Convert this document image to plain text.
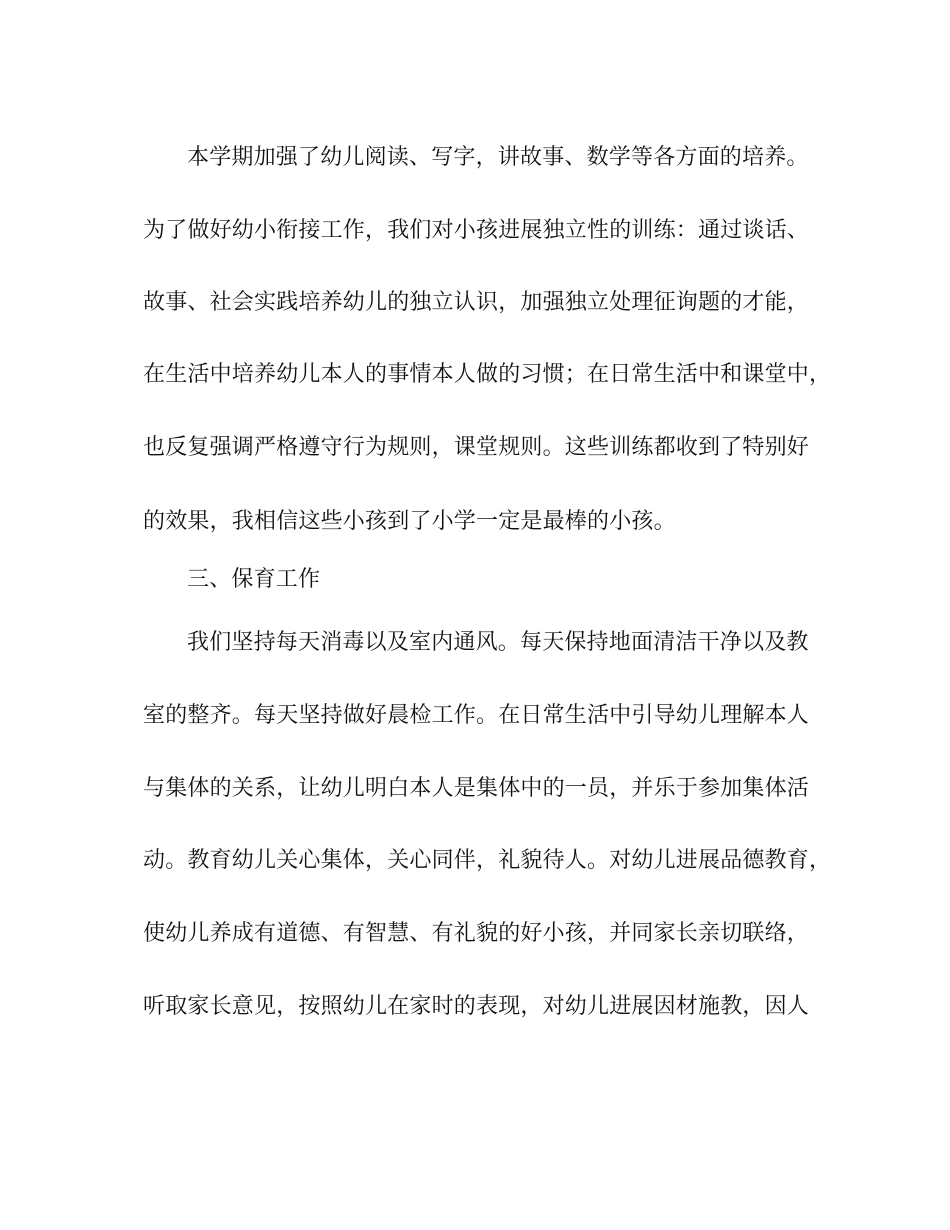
本学期加强了幼儿阅读、写字，讲故事、数学等各方面的培养。
为了做好幼小衔接工作，我们对小孩进展独立性的训练：通过谈话、
故事、社会实践培养幼儿的独立认识，加强独立处理征询题的才能，
在生活中培养幼儿本人的事情本人做的习惯；在日常生活中和课堂中，
也反复强调严格遵守行为规则，课堂规则。这些训练都收到了特别好
的效果，我相信这些小孩到了小学一定是最棒的小孩。
三、保育工作
我们坚持每天消毒以及室内通风。每天保持地面清洁干净以及教
室的整齐。每天坚持做好晨检工作。在日常生活中引导幼儿理解本人
与集体的关系，让幼儿明白本人是集体中的一员，并乐于参加集体活
动。教育幼儿关心集体，关心同伴，礼貌待人。对幼儿进展品德教育，
使幼儿养成有道德、有智慧、有礼貌的好小孩，并同家长亲切联络，
听取家长意见，按照幼儿在家时的表现，对幼儿进展因材施教，因人
